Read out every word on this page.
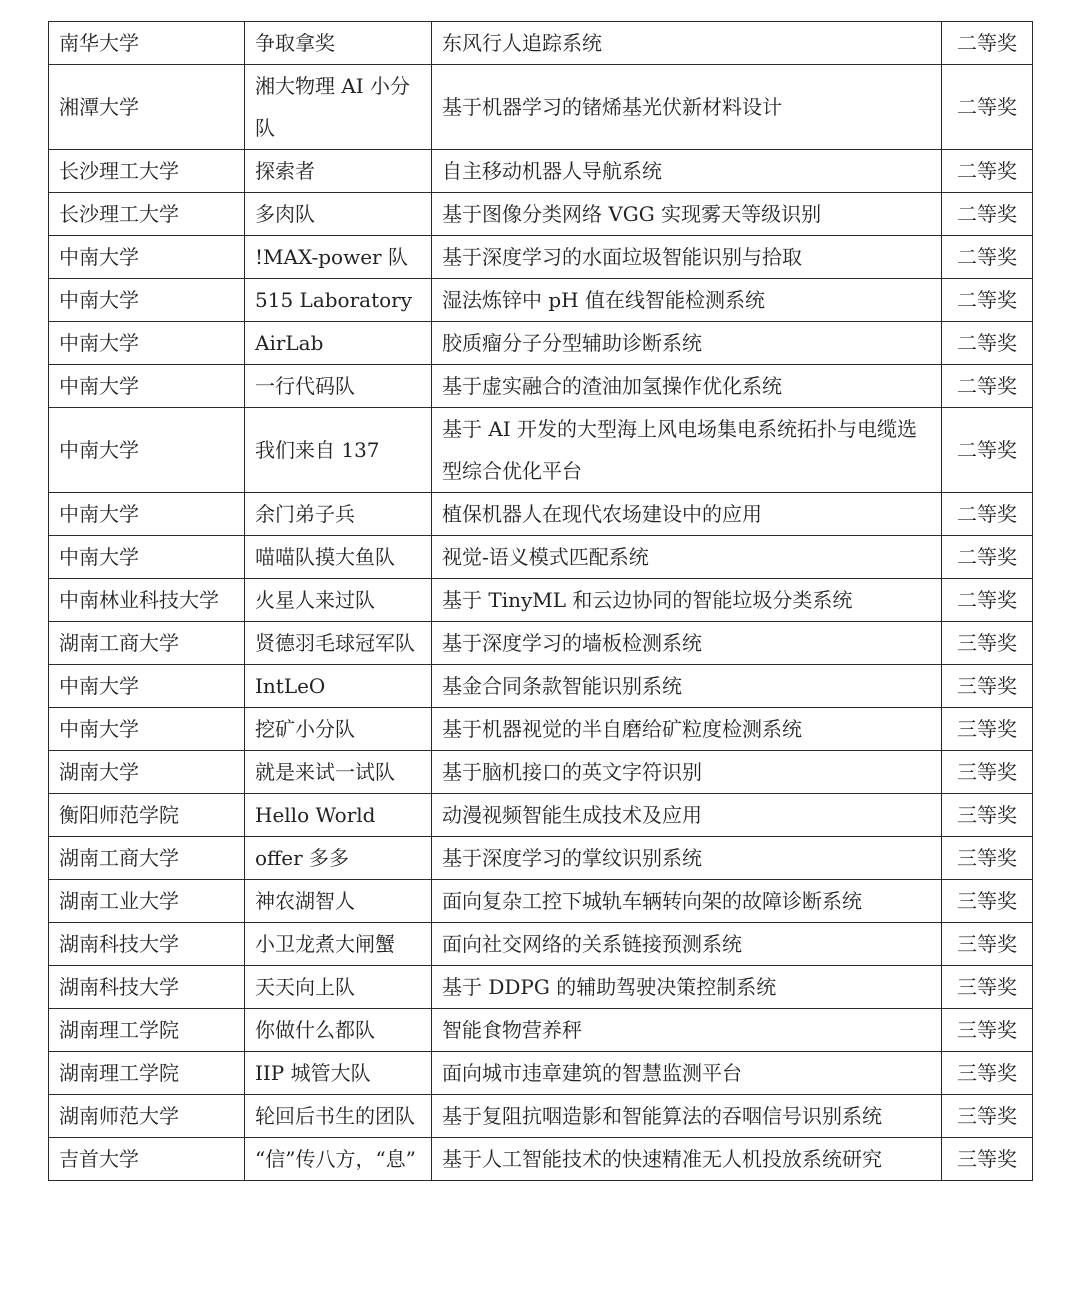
南华大学	争取拿奖	东风行人追踪系统	二等奖
湘潭大学	湘大物理 AI 小分队	基于机器学习的锗烯基光伏新材料设计	二等奖
长沙理工大学	探索者	自主移动机器人导航系统	二等奖
长沙理工大学	多肉队	基于图像分类网络 VGG 实现雾天等级识别	二等奖
中南大学	!MAX-power 队	基于深度学习的水面垃圾智能识别与拾取	二等奖
中南大学	515 Laboratory	湿法炼锌中 pH 值在线智能检测系统	二等奖
中南大学	AirLab	胶质瘤分子分型辅助诊断系统	二等奖
中南大学	一行代码队	基于虚实融合的渣油加氢操作优化系统	二等奖
中南大学	我们来自 137	基于 AI 开发的大型海上风电场集电系统拓扑与电缆选型综合优化平台	二等奖
中南大学	余门弟子兵	植保机器人在现代农场建设中的应用	二等奖
中南大学	喵喵队摸大鱼队	视觉-语义模式匹配系统	二等奖
中南林业科技大学	火星人来过队	基于 TinyML 和云边协同的智能垃圾分类系统	二等奖
湖南工商大学	贤德羽毛球冠军队	基于深度学习的墙板检测系统	三等奖
中南大学	IntLeO	基金合同条款智能识别系统	三等奖
中南大学	挖矿小分队	基于机器视觉的半自磨给矿粒度检测系统	三等奖
湖南大学	就是来试一试队	基于脑机接口的英文字符识别	三等奖
衡阳师范学院	Hello World	动漫视频智能生成技术及应用	三等奖
湖南工商大学	offer 多多	基于深度学习的掌纹识别系统	三等奖
湖南工业大学	神农湖智人	面向复杂工控下城轨车辆转向架的故障诊断系统	三等奖
湖南科技大学	小卫龙煮大闸蟹	面向社交网络的关系链接预测系统	三等奖
湖南科技大学	天天向上队	基于 DDPG 的辅助驾驶决策控制系统	三等奖
湖南理工学院	你做什么都队	智能食物营养秤	三等奖
湖南理工学院	IIP 城管大队	面向城市违章建筑的智慧监测平台	三等奖
湖南师范大学	轮回后书生的团队	基于复阻抗咽造影和智能算法的吞咽信号识别系统	三等奖
吉首大学	“信”传八方，“息”	基于人工智能技术的快速精准无人机投放系统研究	三等奖
